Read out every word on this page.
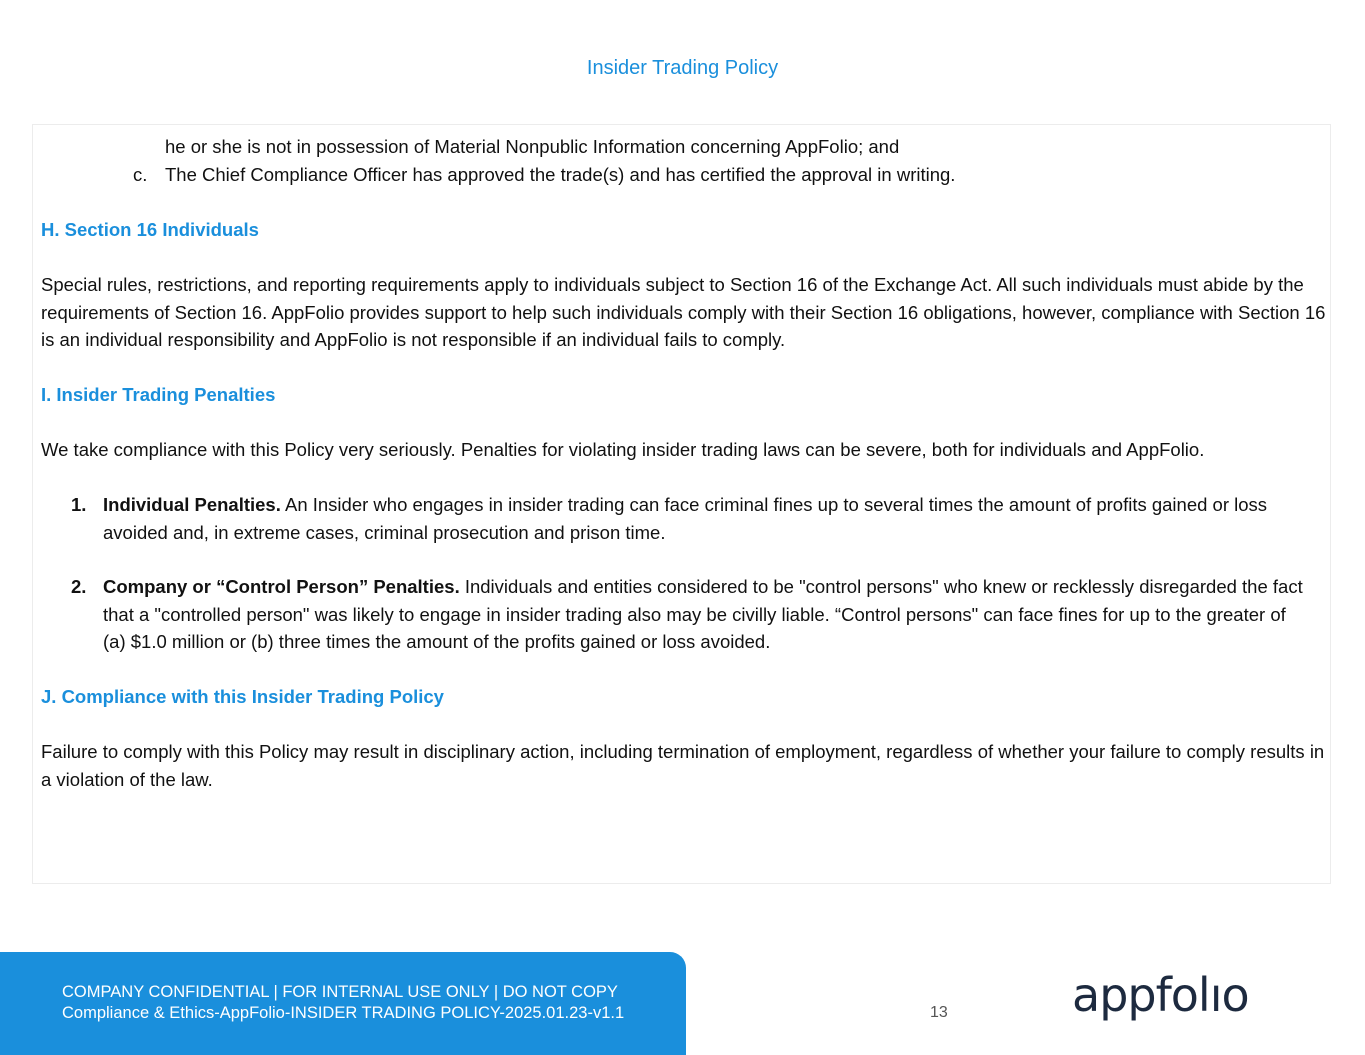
Insider Trading Policy
he or she is not in possession of Material Nonpublic Information concerning AppFolio; and
c. The Chief Compliance Officer has approved the trade(s) and has certified the approval in writing.
H. Section 16 Individuals

Special rules, restrictions, and reporting requirements apply to individuals subject to Section 16 of the Exchange Act. All such individuals must abide by the requirements of Section 16. AppFolio provides support to help such individuals comply with their Section 16 obligations, however, compliance with Section 16 is an individual responsibility and AppFolio is not responsible if an individual fails to comply.

I. Insider Trading Penalties

We take compliance with this Policy very seriously. Penalties for violating insider trading laws can be severe, both for individuals and AppFolio.

1. Individual Penalties. An Insider who engages in insider trading can face criminal fines up to several times the amount of profits gained or loss avoided and, in extreme cases, criminal prosecution and prison time.
2. Company or “Control Person” Penalties. Individuals and entities considered to be "control persons" who knew or recklessly disregarded the fact that a "controlled person" was likely to engage in insider trading also may be civilly liable. “Control persons" can face fines for up to the greater of (a) $1.0 million or (b) three times the amount of the profits gained or loss avoided.
J. Compliance with this Insider Trading Policy

Failure to comply with this Policy may result in disciplinary action, including termination of employment, regardless of whether your failure to comply results in a violation of the law.

COMPANY CONFIDENTIAL | FOR INTERNAL USE ONLY | DO NOT COPY
Compliance & Ethics-AppFolio-INSIDER TRADING POLICY-2025.01.23-v1.1	13	appfolıo
